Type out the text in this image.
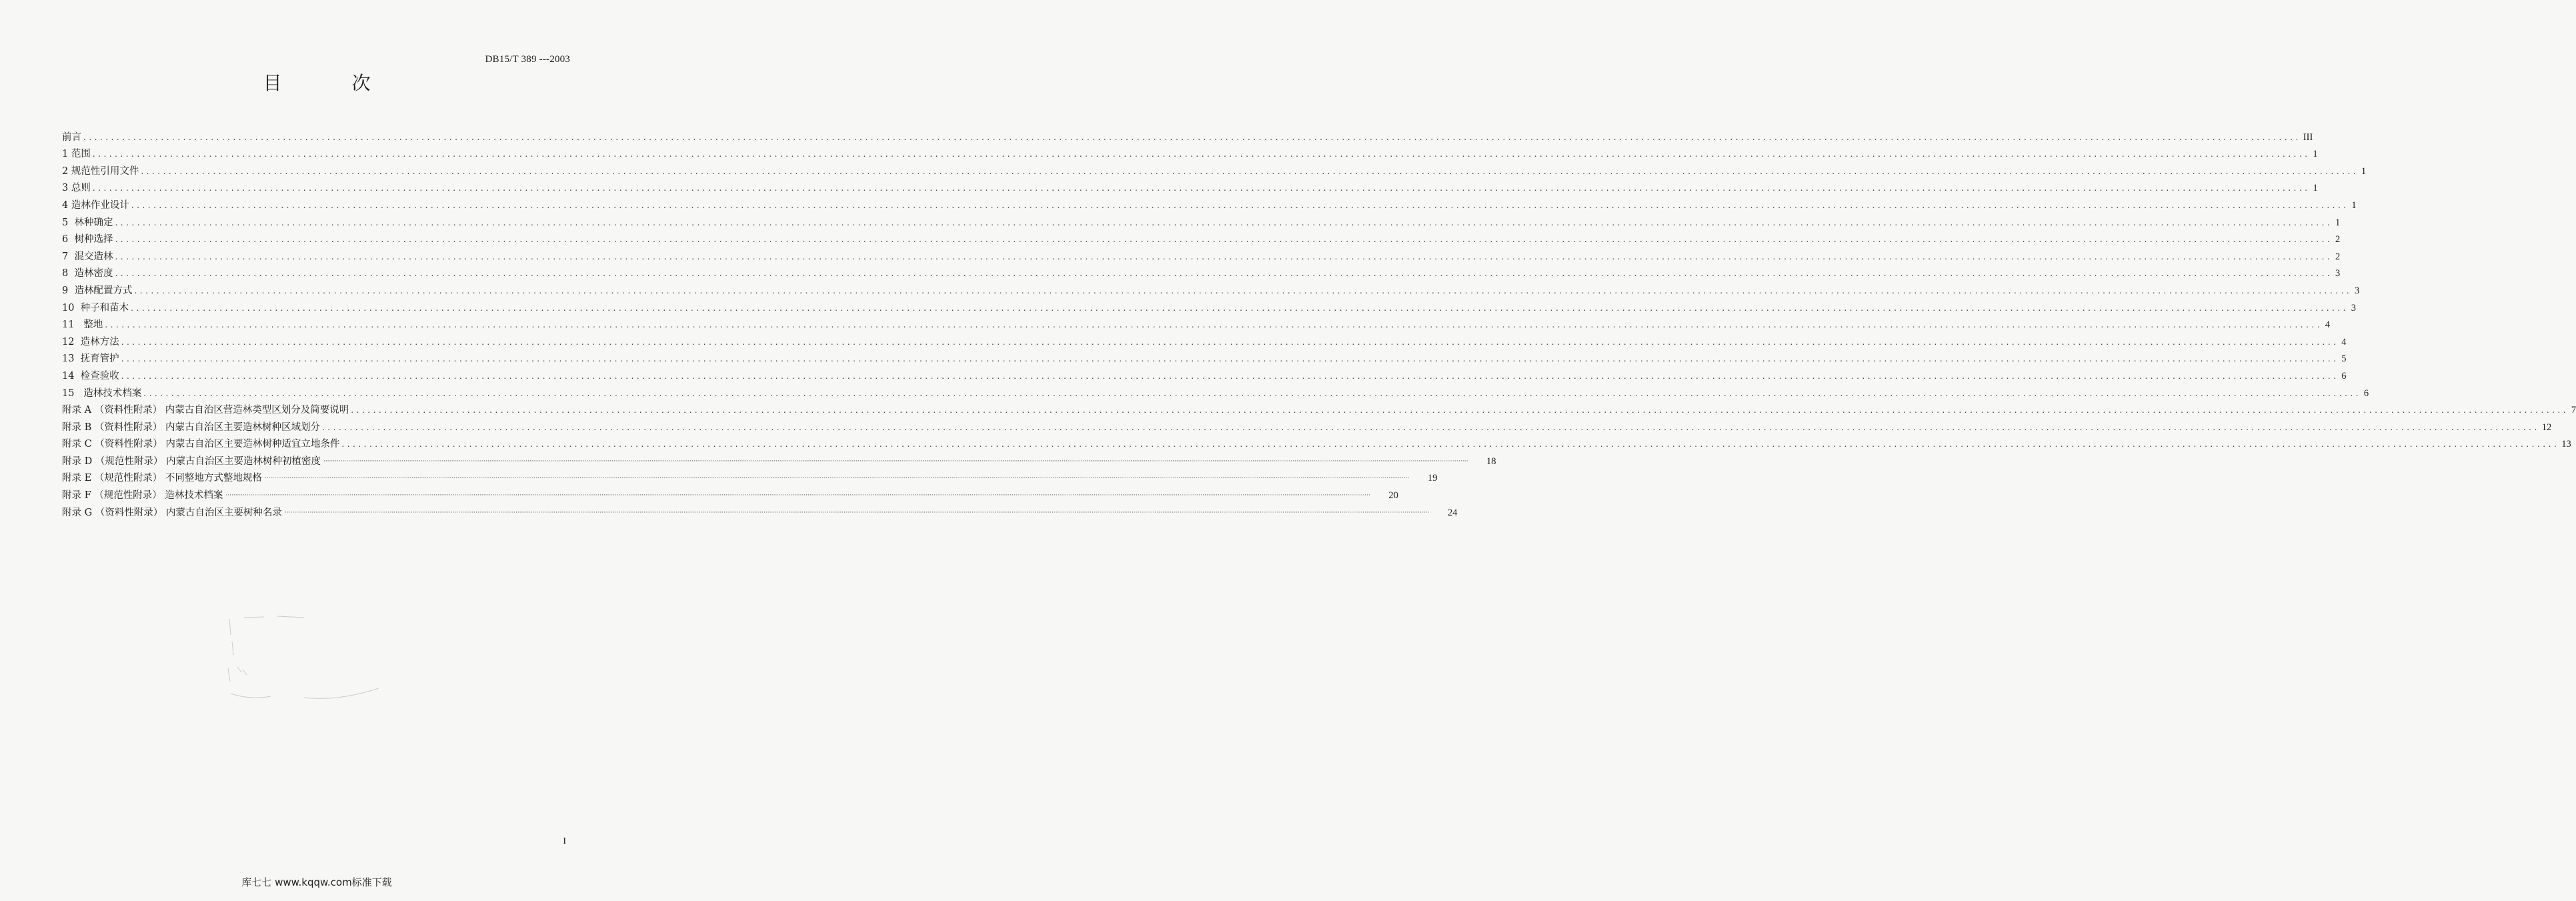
DB15/T 389 ---2003
目 次
前言 ................................................................................................................................................................................................................................................................................................................................................................................................................ III
1 范围 ................................................................................................................................................................................................................................................................................................................................................................................................................ 1
2 规范性引用文件 ................................................................................................................................................................................................................................................................................................................................................................................................................ 1
3 总则 ................................................................................................................................................................................................................................................................................................................................................................................................................ 1
4 造林作业设计 ................................................................................................................................................................................................................................................................................................................................................................................................................ 1
5  林种确定 ................................................................................................................................................................................................................................................................................................................................................................................................................ 1
6  树种选择 ................................................................................................................................................................................................................................................................................................................................................................................................................ 2
7  混交造林 ................................................................................................................................................................................................................................................................................................................................................................................................................ 2
8  造林密度 ................................................................................................................................................................................................................................................................................................................................................................................................................ 3
9  造林配置方式 ................................................................................................................................................................................................................................................................................................................................................................................................................ 3
10  种子和苗木 ................................................................................................................................................................................................................................................................................................................................................................................................................ 3
11   整地 ................................................................................................................................................................................................................................................................................................................................................................................................................ 4
12  造林方法 ................................................................................................................................................................................................................................................................................................................................................................................................................ 4
13  抚育管护 ................................................................................................................................................................................................................................................................................................................................................................................................................ 5
14  检查验收 ................................................................................................................................................................................................................................................................................................................................................................................................................ 6
15   造林技术档案 ................................................................................................................................................................................................................................................................................................................................................................................................................ 6
附录 A （资料性附录） 内蒙古自治区营造林类型区划分及简要说明 ................................................................................................................................................................................................................................................................................................................................................................................................................ 7
附录 B （资料性附录） 内蒙古自治区主要造林树种区域划分 ................................................................................................................................................................................................................................................................................................................................................................................................................ 12
附录 C （资料性附录） 内蒙古自治区主要造林树种适宜立地条件 ................................................................................................................................................................................................................................................................................................................................................................................................................ 13
附录 D （规范性附录） 内蒙古自治区主要造林树种初植密度 ························································································································································································································································································································································································································································································································································································································	18
附录 E （规范性附录） 不同整地方式整地规格 ························································································································································································································································································································································································································································································································································································································	19
附录 F （规范性附录） 造林技术档案 ························································································································································································································································································································································································································································································································································································································	20
附录 G （资料性附录） 内蒙古自治区主要树种名录 ························································································································································································································································································································································································································································································································································································································	24
I
库七七 www.kqqw.com标准下载
